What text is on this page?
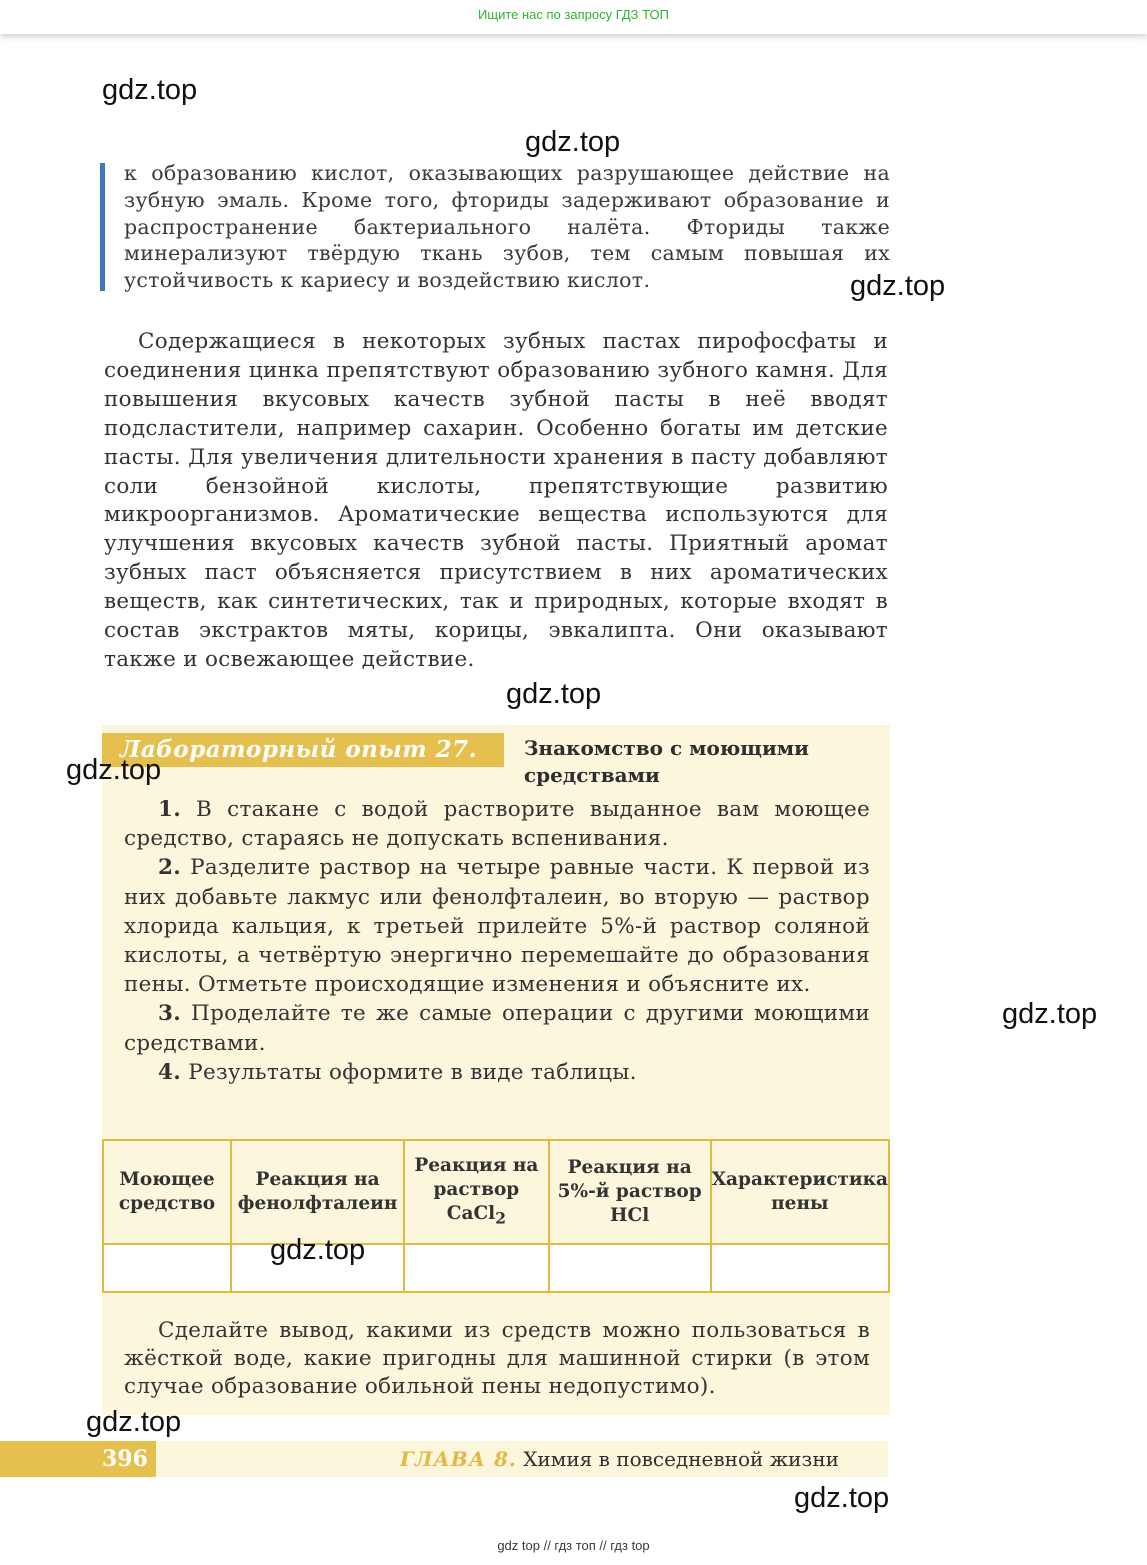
Ищите нас по запросу ГДЗ ТОП

к образованию кислот, оказывающих разрушающее действие на зубную эмаль. Кроме того, фториды задерживают образование и распространение бактериального налёта. Фториды также минерализуют твёрдую ткань зубов, тем самым повышая их устойчивость к кариесу и воздействию кислот.

Содержащиеся в некоторых зубных пастах пирофосфаты и соединения цинка препятствуют образованию зубного камня. Для повышения вкусовых качеств зубной пасты в неё вводят подсластители, например сахарин. Особенно богаты им детские пасты. Для увеличения длительности хранения в пасту добавляют соли бензойной кислоты, препятствующие развитию микроорганизмов. Ароматические вещества используются для улучшения вкусовых качеств зубной пасты. Приятный аромат зубных паст объясняется присутствием в них ароматических веществ, как синтетических, так и природных, которые входят в состав экстрактов мяты, корицы, эвкалипта. Они оказывают также и освежающее действие.

Лабораторный опыт 27.	Знакомство с моющими средствами

1. В стакане с водой растворите выданное вам моющее средство, стараясь не допускать вспенивания.

2. Разделите раствор на четыре равные части. К первой из них добавьте лакмус или фенолфталеин, во вторую — раствор хлорида кальция, к третьей прилейте 5%-й раствор соляной кислоты, а четвёртую энергично перемешайте до образования пены. Отметьте происходящие изменения и объясните их.

3. Проделайте те же самые операции с другими моющими средствами.

4. Результаты оформите в виде таблицы.

Моющее средство	Реакция на фенолфталеин	Реакция на раствор CaCl$_2$	Реакция на 5%-й раствор HCl	Характеристика пены

Сделайте вывод, какими из средств можно пользоваться в жёсткой воде, какие пригодны для машинной стирки (в этом случае образование обильной пены недопустимо).

396	ГЛАВА 8. Химия в повседневной жизни
gdz.top
gdz.top
gdz.top
gdz.top
gdz.top
gdz.top
gdz.top
gdz.top
gdz.top
gdz top // гдз топ // гдз top
